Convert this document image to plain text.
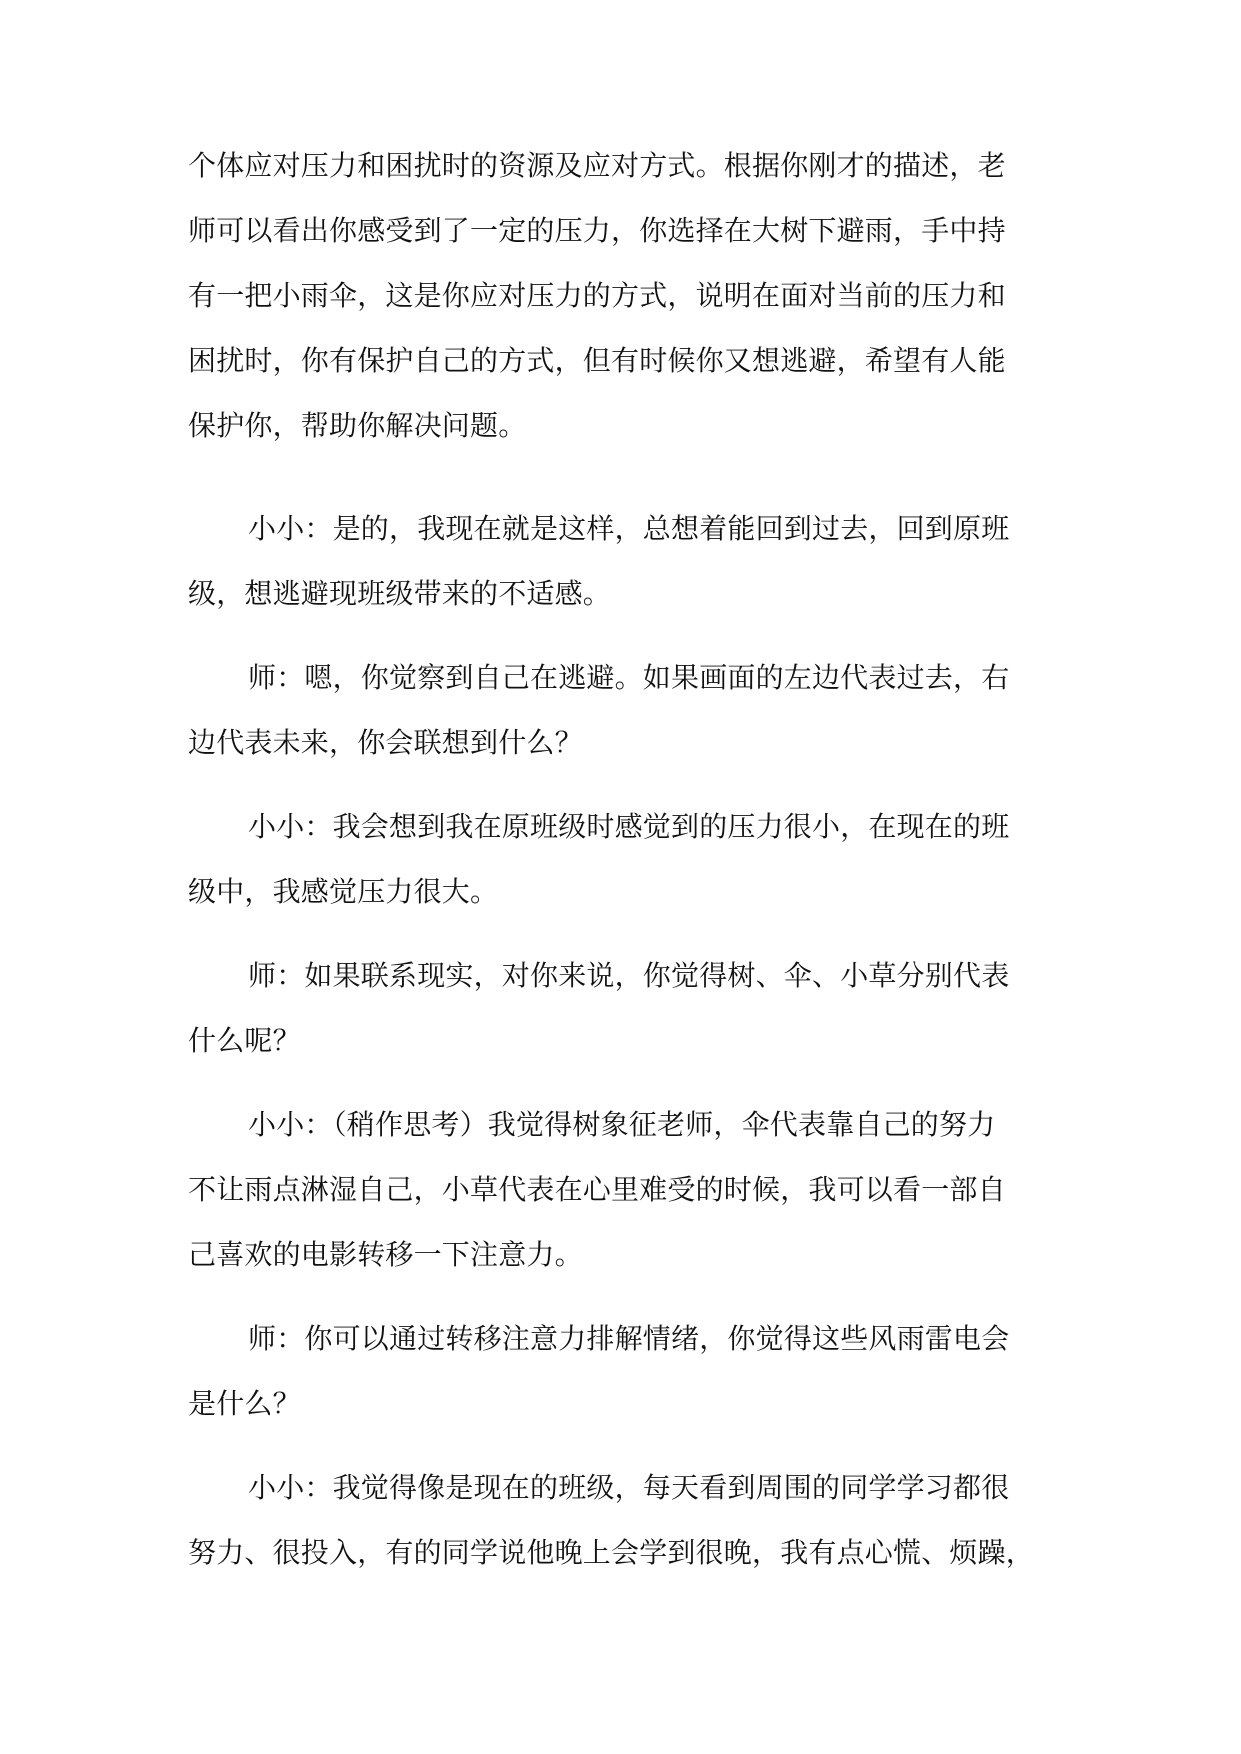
个体应对压力和困扰时的资源及应对方式。根据你刚才的描述，老
师可以看出你感受到了一定的压力，你选择在大树下避雨，手中持
有一把小雨伞，这是你应对压力的方式，说明在面对当前的压力和
困扰时，你有保护自己的方式，但有时候你又想逃避，希望有人能
保护你，帮助你解决问题。
小小：是的，我现在就是这样，总想着能回到过去，回到原班
级，想逃避现班级带来的不适感。
师：嗯，你觉察到自己在逃避。如果画面的左边代表过去，右
边代表未来，你会联想到什么？
小小：我会想到我在原班级时感觉到的压力很小，在现在的班
级中，我感觉压力很大。
师：如果联系现实，对你来说，你觉得树、伞、小草分别代表
什么呢？
小小：（稍作思考）我觉得树象征老师，伞代表靠自己的努力
不让雨点淋湿自己，小草代表在心里难受的时候，我可以看一部自
己喜欢的电影转移一下注意力。
师：你可以通过转移注意力排解情绪，你觉得这些风雨雷电会
是什么？
小小：我觉得像是现在的班级，每天看到周围的同学学习都很
努力、很投入，有的同学说他晚上会学到很晚，我有点心慌、烦躁，
